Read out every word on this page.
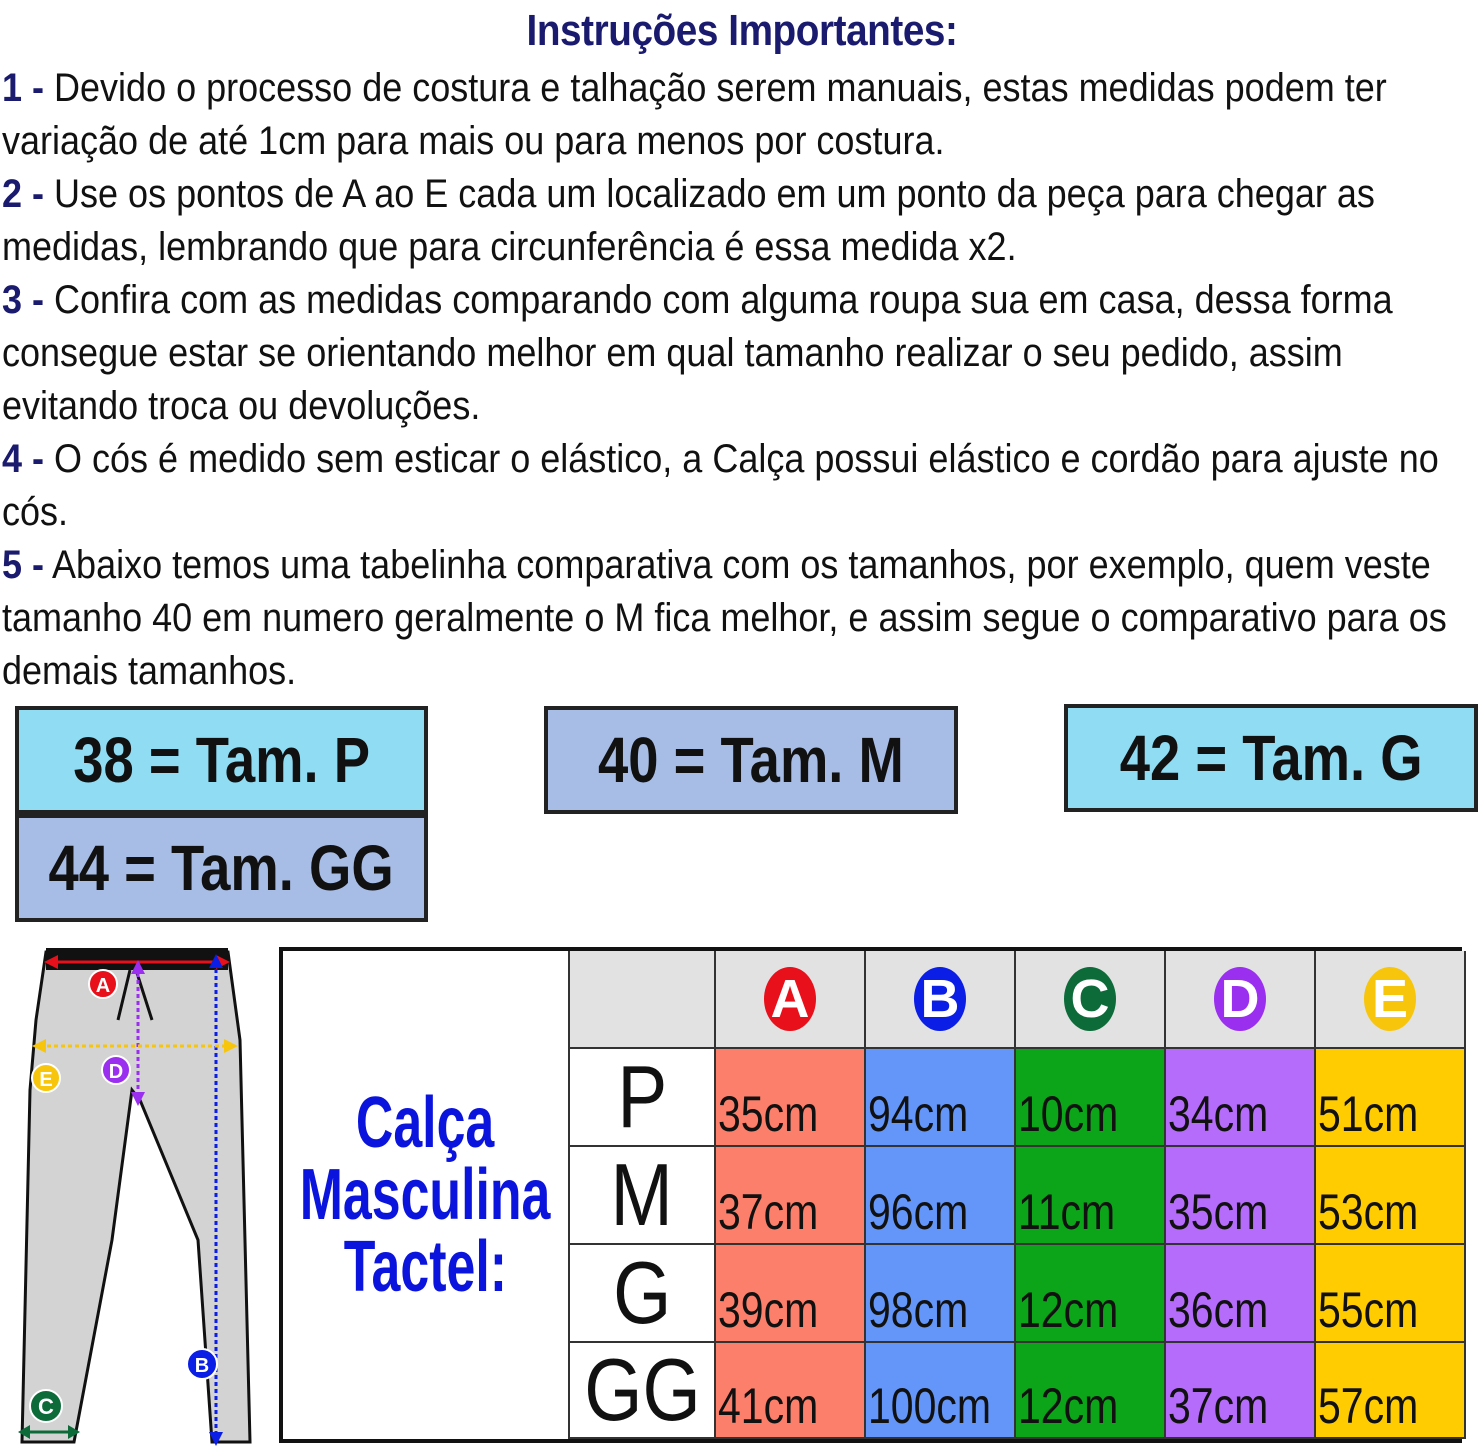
Instruções Importantes:

1 - Devido o processo de costura e talhação serem manuais, estas medidas podem ter variação de até 1cm para mais ou para menos por costura.

2 - Use os pontos de A ao E cada um localizado em um ponto da peça para chegar as medidas, lembrando que para circunferência é essa medida x2.

3 - Confira com as medidas comparando com alguma roupa sua em casa, dessa forma consegue estar se orientando melhor em qual tamanho realizar o seu pedido, assim evitando troca ou devoluções.

4 - O cós é medido sem esticar o elástico, a Calça possui elástico e cordão para ajuste no cós.

5 - Abaixo temos uma tabelinha comparativa com os tamanhos, por exemplo, quem veste tamanho 40 em numero geralmente o M fica melhor, e assim segue o comparativo para os demais tamanhos.

38 = Tam. P	40 = Tam. M	42 = Tam. G
44 = Tam. GG
A
D
E
B
C
Calça
Masculina
Tactel:
A B C D E
P 35cm 94cm 10cm 34cm 51cm
M 37cm 96cm 11cm 35cm 53cm
G 39cm 98cm 12cm 36cm 55cm
GG 41cm 100cm 12cm 37cm 57cm
